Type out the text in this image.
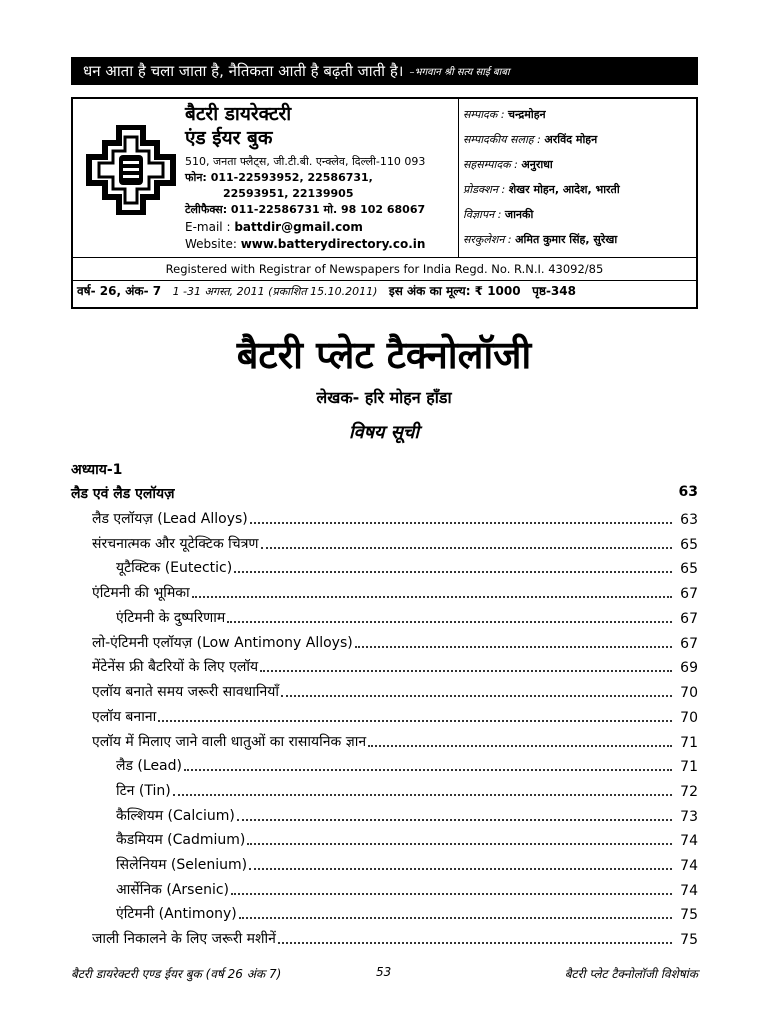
धन आता है चला जाता है, नैतिकता आती है बढ़ती जाती है। –भगवान श्री सत्य साई बाबा
बैटरी डायरेक्टरी
एंड ईयर बुक
510, जनता फ्लैट्स, जी.टी.बी. एन्क्लेव, दिल्ली-110 093
फोन: 011-22593952, 22586731,
22593951, 22139905
टेलीफैक्स: 011-22586731 मो. 98 102 68067
E-mail : battdir@gmail.com
Website: www.batterydirectory.co.in
सम्पादक : चन्द्रमोहन
सम्पादकीय सलाह : अरविंद मोहन
सहसम्पादक : अनुराधा
प्रोडक्शन : शेखर मोहन, आदेश, भारती
विज्ञापन : जानकी
सरकुलेशन : अमित कुमार सिंह, सुरेखा
Registered with Registrar of Newspapers for India Regd. No. R.N.I. 43092/85
वर्ष- 26, अंक- 7 1 -31 अगस्त, 2011 (प्रकाशित 15.10.2011) इस अंक का मूल्य: ₹ 1000 पृष्ठ-348
बैटरी प्लेट टैक्नोलॉजी
लेखक- हरि मोहन हाँडा
विषय सूची
अध्याय-1
लैड एवं लैड एलॉयज़	63
लैड एलॉयज़ (Lead Alloys)	63
संरचनात्मक और यूटेक्टिक चित्रण	65
यूटैक्टिक (Eutectic)	65
एंटिमनी की भूमिका	67
एंटिमनी के दुष्परिणाम	67
लो-एंटिमनी एलॉयज़ (Low Antimony Alloys)	67
मेंटेनेंस फ्री बैटरियों के लिए एलॉय	69
एलॉय बनाते समय जरूरी सावधानियाँ	70
एलॉय बनाना	70
एलॉय में मिलाए जाने वाली धातुओं का रासायनिक ज्ञान	71
लैड (Lead)	71
टिन (Tin)	72
कैल्शियम (Calcium)	73
कैडमियम (Cadmium)	74
सिलेनियम (Selenium)	74
आर्सेनिक (Arsenic)	74
एंटिमनी (Antimony)	75
जाली निकालने के लिए जरूरी मशीनें	75
बैटरी डायरेक्टरी एण्ड ईयर बुक (वर्ष 26 अंक 7)	53	बैटरी प्लेट टैक्नोलॉजी विशेषांक
